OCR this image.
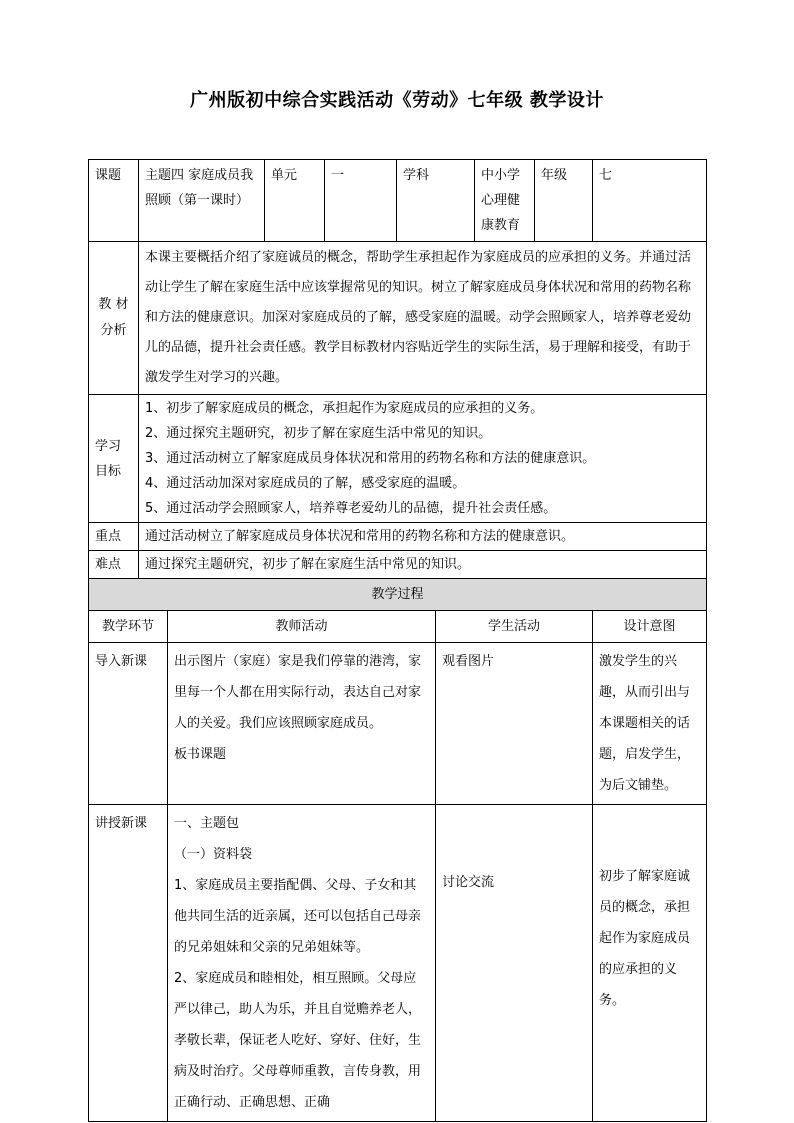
广州版初中综合实践活动《劳动》七年级 教学设计
课题	主题四 家庭成员我照顾（第一课时）		单元	一	学科		中小学心理健康教育	年级	七
教 材 分析	本课主要概括介绍了家庭诚员的概念，帮助学生承担起作为家庭成员的应承担的义务。并通过活动让学生了解在家庭生活中应该掌握常见的知识。树立了解家庭成员身体状况和常用的药物名称和方法的健康意识。加深对家庭成员的了解，感受家庭的温暖。动学会照顾家人，培养尊老爱幼儿的品德，提升社会责任感。教学目标教材内容贴近学生的实际生活，易于理解和接受，有助于激发学生对学习的兴趣。								
学习 目标	1、初步了解家庭成员的概念，承担起作为家庭成员的应承担的义务。

2、通过探究主题研究，初步了解在家庭生活中常见的知识。

3、通过活动树立了解家庭成员身体状况和常用的药物名称和方法的健康意识。

4、通过活动加深对家庭成员的了解，感受家庭的温暖。

5、通过活动学会照顾家人，培养尊老爱幼儿的品德，提升社会责任感。								

重点	通过活动树立了解家庭成员身体状况和常用的药物名称和方法的健康意识。								
难点	通过探究主题研究，初步了解在家庭生活中常见的知识。								
教学过程									
教学环节		教师活动				学生活动			设计意图
导入新课		出示图片（家庭）家是我们停靠的港湾，家里每一个人都在用实际行动，表达自己对家人的关爱。我们应该照顾家庭成员。

板书课题				观看图片			激发学生的兴趣，从而引出与本课题相关的话题，启发学生，为后文铺垫。
讲授新课		一、主题包

（一）资料袋

1、家庭成员主要指配偶、父母、子女和其他共同生活的近亲属，还可以包括自己母亲的兄弟姐妹和父亲的兄弟姐妹等。

2、家庭成员和睦相处，相互照顾。父母应严以律己，助人为乐，并且自觉赡养老人，孝敬长辈，保证老人吃好、穿好、住好，生病及时治疗。父母尊师重教，言传身教，用正确行动、正确思想、正确				讨论交流			初步了解家庭诚员的概念，承担起作为家庭成员的应承担的义务。
